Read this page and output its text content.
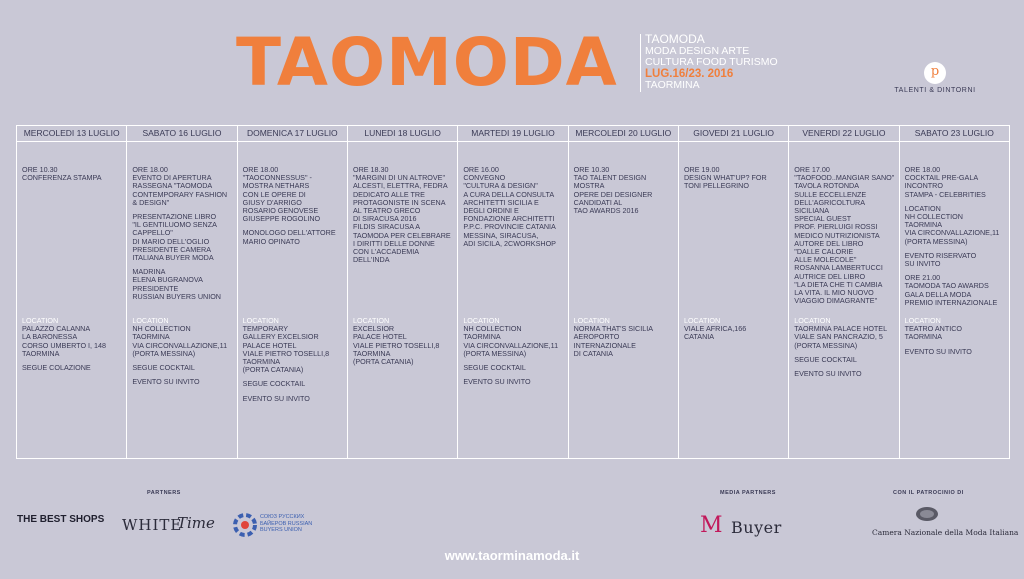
TAOMODA TAOMODA
MODA DESIGN ARTE
CULTURA FOOD TURISMO
LUG.16/23. 2016
TAORMINA
p
TALENTI & DINTORNI
MERCOLEDI 13 LUGLIO

ORE 10.30
CONFERENZA STAMPA

LOCATION

PALAZZO CALANNA
LA BARONESSA
CORSO UMBERTO I, 148
TAORMINA

SEGUE COLAZIONE

SABATO 16 LUGLIO

ORE 18.00
EVENTO DI APERTURA
RASSEGNA "TAOMODA
CONTEMPORARY FASHION
& DESIGN"

PRESENTAZIONE LIBRO
"IL GENTILUOMO SENZA
CAPPELLO"
DI MARIO DELL'OGLIO
PRESIDENTE CAMERA
ITALIANA BUYER MODA

MADRINA
ELENA BUGRANOVA
PRESIDENTE
RUSSIAN BUYERS UNION

LOCATION

NH COLLECTION
TAORMINA
VIA CIRCONVALLAZIONE,11
(PORTA MESSINA)

SEGUE COCKTAIL

EVENTO SU INVITO

DOMENICA 17 LUGLIO

ORE 18.00
"TAOCONNESSUS" -
MOSTRA NETHARS
CON LE OPERE DI
GIUSY D'ARRIGO
ROSARIO GENOVESE
GIUSEPPE ROGOLINO

MONOLOGO DELL'ATTORE
MARIO OPINATO

LOCATION

TEMPORARY
GALLERY EXCELSIOR
PALACE HOTEL
VIALE PIETRO TOSELLI,8
TAORMINA
(PORTA CATANIA)

SEGUE COCKTAIL

EVENTO SU INVITO

LUNEDI 18 LUGLIO

ORE 18.30
"MARGINI DI UN ALTROVE"
ALCESTI, ELETTRA, FEDRA
DEDICATO ALLE TRE
PROTAGONISTE IN SCENA
AL TEATRO GRECO
DI SIRACUSA 2016
FILDIS SIRACUSA A
TAOMODA PER CELEBRARE
I DIRITTI DELLE DONNE
CON L'ACCADEMIA
DELL'INDA

LOCATION

EXCELSIOR
PALACE HOTEL
VIALE PIETRO TOSELLI,8
TAORMINA
(PORTA CATANIA)

MARTEDI 19 LUGLIO

ORE 16.00
CONVEGNO
"CULTURA & DESIGN"
A CURA DELLA CONSULTA
ARCHITETTI SICILIA E
DEGLI ORDINI E
FONDAZIONE ARCHITETTI
P.P.C. PROVINCIE CATANIA
MESSINA, SIRACUSA,
ADI SICILA, 2CWORKSHOP

LOCATION

NH COLLECTION
TAORMINA
VIA CIRCONVALLAZIONE,11
(PORTA MESSINA)

SEGUE COCKTAIL

EVENTO SU INVITO

MERCOLEDI 20 LUGLIO

ORE 10.30
TAO TALENT DESIGN
MOSTRA
OPERE DEI DESIGNER
CANDIDATI AL
TAO AWARDS 2016

LOCATION

NORMA THAT'S SICILIA
AEROPORTO
INTERNAZIONALE
DI CATANIA

GIOVEDI 21 LUGLIO

ORE 19.00
DESIGN WHAT'UP? FOR
TONI PELLEGRINO

LOCATION

VIALE AFRICA,166
CATANIA

VENERDI 22 LUGLIO

ORE 17.00
"TAOFOOD..MANGIAR SANO"
TAVOLA ROTONDA
SULLE ECCELLENZE
DELL'AGRICOLTURA
SICILIANA
SPECIAL GUEST
PROF. PIERLUIGI ROSSI
MEDICO NUTRIZIONISTA
AUTORE DEL LIBRO
"DALLE CALORIE
ALLE MOLECOLE"
ROSANNA LAMBERTUCCI
AUTRICE DEL LIBRO
"LA DIETA CHE TI CAMBIA
LA VITA. IL MIO NUOVO
VIAGGIO DIMAGRANTE"

LOCATION

TAORMINA PALACE HOTEL
VIALE SAN PANCRAZIO, 5
(PORTA MESSINA)

SEGUE COCKTAIL

EVENTO SU INVITO

SABATO 23 LUGLIO

ORE 18.00
COCKTAIL PRE-GALA
INCONTRO
STAMPA - CELEBRITIES

LOCATION
NH COLLECTION
TAORMINA
VIA CIRCONVALLAZIONE,11
(PORTA MESSINA)

EVENTO RISERVATO
SU INVITO

ORE 21.00
TAOMODA TAO AWARDS
GALA DELLA MODA
PREMIO INTERNAZIONALE

LOCATION

TEATRO ANTICO
TAORMINA

EVENTO SU INVITO

PARTNERS	MEDIA PARTNERS	CON IL PATROCINIO DI
THE BEST SHOPS WHITE
Time	СОЮЗ РУССКИХ БАЙЕРОВ RUSSIAN BUYERS UNION	M Buyer	Camera Nazionale della Moda Italiana
www.taorminamoda.it
